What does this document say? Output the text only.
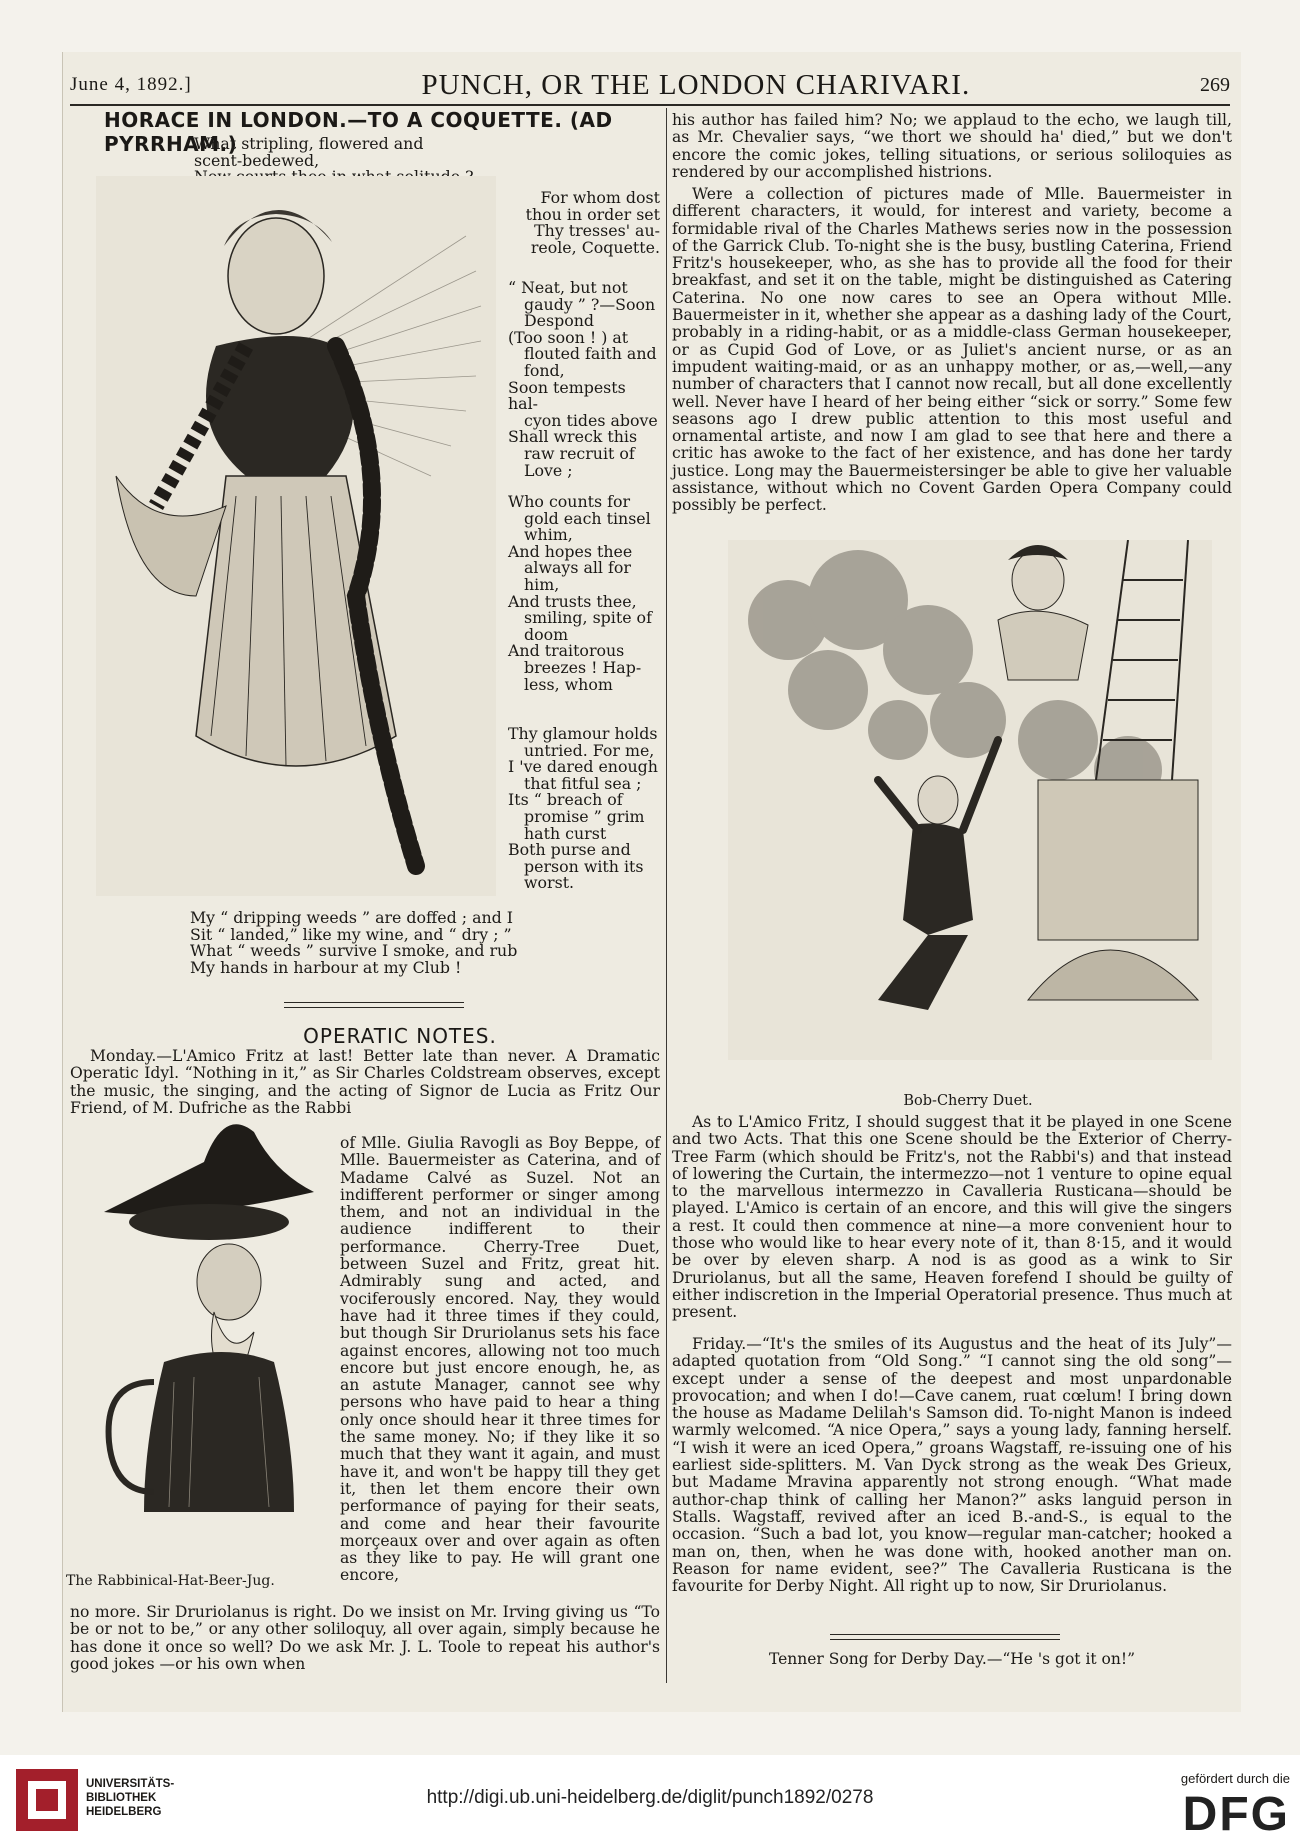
June 4, 1892.]	PUNCH, OR THE LONDON CHARIVARI.	269
HORACE IN LONDON.—TO A COQUETTE. (AD PYRRHAM.)

What stripling, flowered and scent-bedewed,

For whom dost

thou in order set

Thy tresses' au-

reole, Coquette.

“ Neat, but not

gaudy ” ?—Soon

Despond

(Too soon ! ) at

flouted faith and

fond,

Soon tempests hal-

cyon tides above

Shall wreck this

raw recruit of

Love ;

Who counts for

gold each tinsel

whim,

And hopes thee

always all for

him,

And trusts thee,

smiling, spite of

doom

And traitorous

breezes ! Hap-

less, whom

Thy glamour holds

untried. For me,

I 've dared enough

that fitful sea ;

Its “ breach of

promise ” grim

hath curst

Both purse and

person with its

worst.

My “ dripping weeds ” are doffed ; and I

Sit “ landed,” like my wine, and “ dry ; ”

What “ weeds ” survive I smoke, and rub

My hands in harbour at my Club !

OPERATIC NOTES.

Monday.—L'Amico Fritz at last! Better late than never. A Dramatic Operatic Idyl. “Nothing in it,” as Sir Charles Coldstream observes, except the music, the singing, and the acting of Signor de Lucia as Fritz Our Friend, of M. Dufriche as the Rabbi

of Mlle. Giulia Ravogli as Boy Beppe, of Mlle. Bauermeister as Caterina, and of Madame Calvé as Suzel. Not an indifferent performer or singer among them, and not an individual in the audience indifferent to their performance. Cherry-Tree Duet, between Suzel and Fritz, great hit. Admirably sung and acted, and vociferously encored. Nay, they would have had it three times if they could, but though Sir Druriolanus sets his face against encores, allowing not too much encore but just encore enough, he, as an astute Manager, cannot see why persons who have paid to hear a thing only once should hear it three times for the same money. No; if they like it so much that they want it again, and must have it, and won't be happy till they get it, then let them encore their own performance of paying for their seats, and come and hear their favourite morçeaux over and over again as often as they like to pay. He will grant one encore,

The Rabbinical-Hat-Beer-Jug.

no more. Sir Druriolanus is right. Do we insist on Mr. Irving giving us “To be or not to be,” or any other soliloquy, all over again, simply because he has done it once so well? Do we ask Mr. J. L. Toole to repeat his author's good jokes —or his own when

his author has failed him? No; we applaud to the echo, we laugh till, as Mr. Chevalier says, “we thort we should ha' died,” but we don't encore the comic jokes, telling situations, or serious soliloquies as rendered by our accomplished histrions.

Were a collection of pictures made of Mlle. Bauermeister in different characters, it would, for interest and variety, become a formidable rival of the Charles Mathews series now in the possession of the Garrick Club. To-night she is the busy, bustling Caterina, Friend Fritz's housekeeper, who, as she has to provide all the food for their breakfast, and set it on the table, might be distinguished as Catering Caterina. No one now cares to see an Opera without Mlle. Bauermeister in it, whether she appear as a dashing lady of the Court, probably in a riding-habit, or as a middle-class German housekeeper, or as Cupid God of Love, or as Juliet's ancient nurse, or as an impudent waiting-maid, or as an unhappy mother, or as,—well,—any number of characters that I cannot now recall, but all done excellently well. Never have I heard of her being either “sick or sorry.” Some few seasons ago I drew public attention to this most useful and ornamental artiste, and now I am glad to see that here and there a critic has awoke to the fact of her existence, and has done her tardy justice. Long may the Bauermeistersinger be able to give her valuable assistance, without which no Covent Garden Opera Company could possibly be perfect.

Bob-Cherry Duet.

As to L'Amico Fritz, I should suggest that it be played in one Scene and two Acts. That this one Scene should be the Exterior of Cherry-Tree Farm (which should be Fritz's, not the Rabbi's) and that instead of lowering the Curtain, the intermezzo—not 1 venture to opine equal to the marvellous intermezzo in Cavalleria Rusticana—should be played. L'Amico is certain of an encore, and this will give the singers a rest. It could then commence at nine—a more convenient hour to those who would like to hear every note of it, than 8·15, and it would be over by eleven sharp. A nod is as good as a wink to Sir Druriolanus, but all the same, Heaven forefend I should be guilty of either indiscretion in the Imperial Operatorial presence. Thus much at present.

Friday.—“It's the smiles of its Augustus and the heat of its July”—adapted quotation from “Old Song.” “I cannot sing the old song”—except under a sense of the deepest and most unpardonable provocation; and when I do!—Cave canem, ruat cœlum! I bring down the house as Madame Delilah's Samson did. To-night Manon is indeed warmly welcomed. “A nice Opera,” says a young lady, fanning herself. “I wish it were an iced Opera,” groans Wagstaff, re-issuing one of his earliest side-splitters. M. Van Dyck strong as the weak Des Grieux, but Madame Mravina apparently not strong enough. “What made author-chap think of calling her Manon?” asks languid person in Stalls. Wagstaff, revived after an iced B.-and-S., is equal to the occasion. “Such a bad lot, you know—regular man-catcher; hooked a man on, then, when he was done with, hooked another man on. Reason for name evident, see?” The Cavalleria Rusticana is the favourite for Derby Night. All right up to now, Sir Druriolanus.

Tenner Song for Derby Day.—“He 's got it on!”
UNIVERSITÄTS-
BIBLIOTHEK
HEIDELBERG
http://digi.ub.uni-heidelberg.de/diglit/punch1892/0278
gefördert durch die
DFG
